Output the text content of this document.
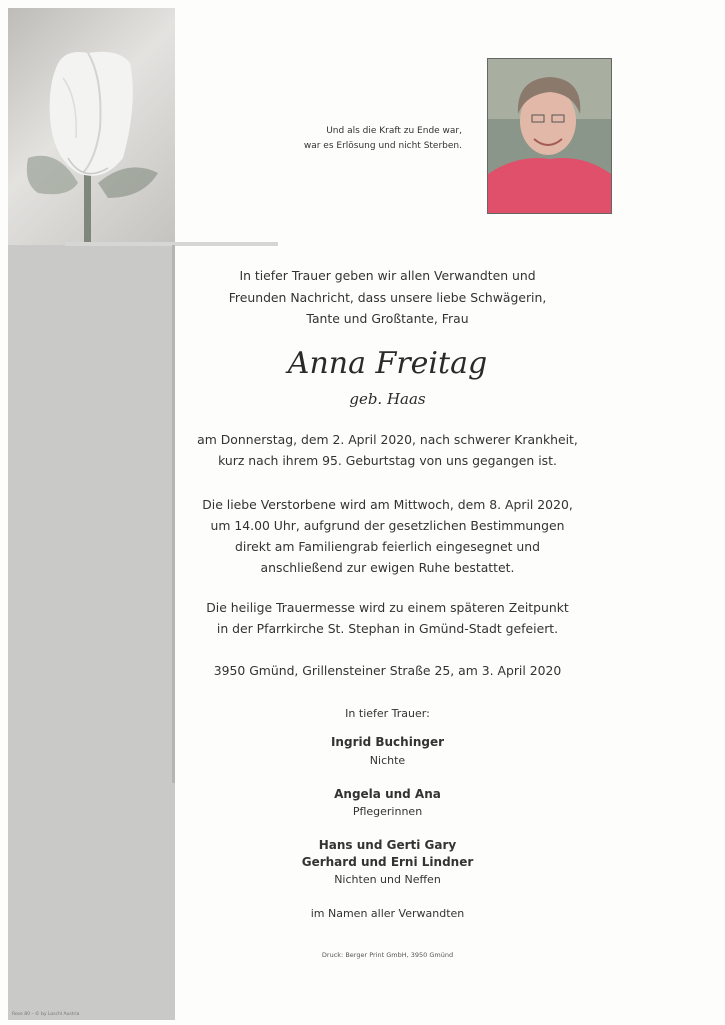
Und als die Kraft zu Ende war,
war es Erlösung und nicht Sterben.
In tiefer Trauer geben wir allen Verwandten und
Freunden Nachricht, dass unsere liebe Schwägerin,
Tante und Großtante, Frau
Anna Freitag
geb. Haas
am Donnerstag, dem 2. April 2020, nach schwerer Krankheit,
kurz nach ihrem 95. Geburtstag von uns gegangen ist.
Die liebe Verstorbene wird am Mittwoch, dem 8. April 2020,
um 14.00 Uhr, aufgrund der gesetzlichen Bestimmungen
direkt am Familiengrab feierlich eingesegnet und
anschließend zur ewigen Ruhe bestattet.
Die heilige Trauermesse wird zu einem späteren Zeitpunkt
in der Pfarrkirche St. Stephan in Gmünd-Stadt gefeiert.
3950 Gmünd, Grillensteiner Straße 25, am 3. April 2020
In tiefer Trauer:
Ingrid Buchinger
Nichte
Angela und Ana
Pflegerinnen
Hans und Gerti Gary
Gerhard und Erni Lindner
Nichten und Neffen
im Namen aller Verwandten
Druck: Berger Print GmbH, 3950 Gmünd
Rose 80 – © by Loschl Austria
